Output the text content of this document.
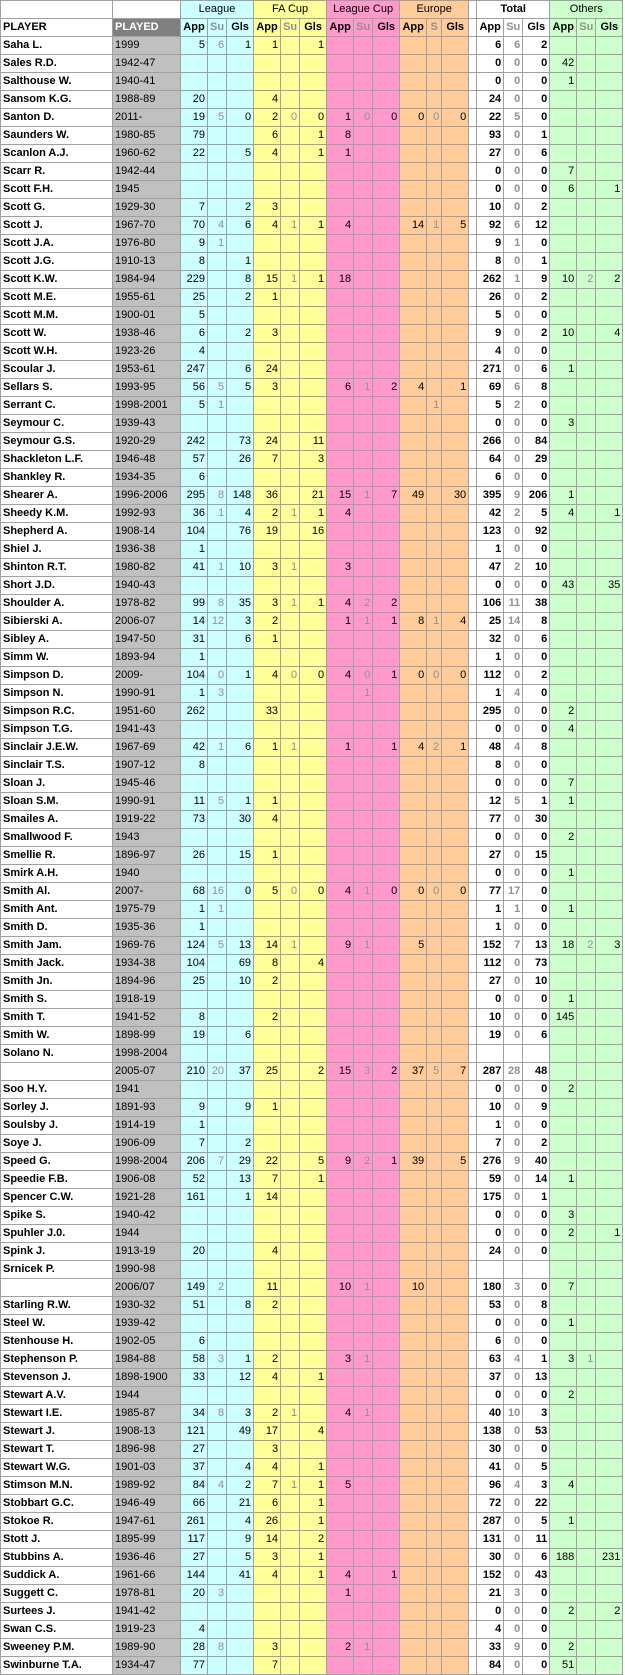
		League			FA Cup			League Cup			Europe				Total			Others		
PLAYER	PLAYED	App	Su	Gls	App	Su	Gls	App	Su	Gls	App	S	Gls		App	Su	Gls	App	Su	Gls
Saha L.	1999	5	6	1	1		1								6	6	2			
Sales R.D.	1942-47														0	0	0	42		
Salthouse W.	1940-41														0	0	0	1		
Sansom K.G.	1988-89	20			4										24	0	0			
Santon D.	2011-	19	5	0	2	0	0	1	0	0	0	0	0		22	5	0			
Saunders W.	1980-85	79			6		1	8							93	0	1			
Scanlon A.J.	1960-62	22		5	4		1	1							27	0	6			
Scarr R.	1942-44														0	0	0	7		
Scott F.H.	1945														0	0	0	6		1
Scott G.	1929-30	7		2	3										10	0	2			
Scott J.	1967-70	70	4	6	4	1	1	4			14	1	5		92	6	12			
Scott J.A.	1976-80	9	1												9	1	0			
Scott J.G.	1910-13	8		1											8	0	1			
Scott K.W.	1984-94	229		8	15	1	1	18							262	1	9	10	2	2
Scott M.E.	1955-61	25		2	1										26	0	2			
Scott M.M.	1900-01	5													5	0	0			
Scott W.	1938-46	6		2	3										9	0	2	10		4
Scott W.H.	1923-26	4													4	0	0			
Scoular J.	1953-61	247		6	24										271	0	6	1		
Sellars S.	1993-95	56	5	5	3			6	1	2	4		1		69	6	8			
Serrant C.	1998-2001	5	1									1			5	2	0			
Seymour C.	1939-43														0	0	0	3		
Seymour G.S.	1920-29	242		73	24		11								266	0	84			
Shackleton L.F.	1946-48	57		26	7		3								64	0	29			
Shankley R.	1934-35	6													6	0	0			
Shearer A.	1996-2006	295	8	148	36		21	15	1	7	49		30		395	9	206	1		
Sheedy K.M.	1992-93	36	1	4	2	1	1	4							42	2	5	4		1
Shepherd A.	1908-14	104		76	19		16								123	0	92			
Shiel J.	1936-38	1													1	0	0			
Shinton R.T.	1980-82	41	1	10	3	1		3							47	2	10			
Short J.D.	1940-43														0	0	0	43		35
Shoulder A.	1978-82	99	8	35	3	1	1	4	2	2					106	11	38			
Sibierski A.	2006-07	14	12	3	2			1	1	1	8	1	4		25	14	8			
Sibley A.	1947-50	31		6	1										32	0	6			
Simm W.	1893-94	1													1	0	0			
Simpson D.	2009-	104	0	1	4	0	0	4	0	1	0	0	0		112	0	2			
Simpson N.	1990-91	1	3						1						1	4	0			
Simpson R.C.	1951-60	262			33										295	0	0	2		
Simpson T.G.	1941-43														0	0	0	4		
Sinclair J.E.W.	1967-69	42	1	6	1	1		1		1	4	2	1		48	4	8			
Sinclair T.S.	1907-12	8													8	0	0			
Sloan J.	1945-46														0	0	0	7		
Sloan S.M.	1990-91	11	5	1	1										12	5	1	1		
Smailes A.	1919-22	73		30	4										77	0	30			
Smallwood F.	1943														0	0	0	2		
Smellie R.	1896-97	26		15	1										27	0	15			
Smirk A.H.	1940														0	0	0	1		
Smith Al.	2007-	68	16	0	5	0	0	4	1	0	0	0	0		77	17	0			
Smith Ant.	1975-79	1	1												1	1	0	1		
Smith D.	1935-36	1													1	0	0			
Smith Jam.	1969-76	124	5	13	14	1		9	1		5				152	7	13	18	2	3
Smith Jack.	1934-38	104		69	8		4								112	0	73			
Smith Jn.	1894-96	25		10	2										27	0	10			
Smith S.	1918-19														0	0	0	1		
Smith T.	1941-52	8			2										10	0	0	145		
Smith W.	1898-99	19		6											19	0	6			
Solano N.	1998-2004																			
	2005-07	210	20	37	25		2	15	3	2	37	5	7		287	28	48			
Soo H.Y.	1941														0	0	0	2		
Sorley J.	1891-93	9		9	1										10	0	9			
Soulsby J.	1914-19	1													1	0	0			
Soye J.	1906-09	7		2											7	0	2			
Speed G.	1998-2004	206	7	29	22		5	9	2	1	39		5		276	9	40			
Speedie F.B.	1906-08	52		13	7		1								59	0	14	1		
Spencer C.W.	1921-28	161		1	14										175	0	1			
Spike S.	1940-42														0	0	0	3		
Spuhler J.0.	1944														0	0	0	2		1
Spink J.	1913-19	20			4										24	0	0			
Srnicek P.	1990-98																			
	2006/07	149	2		11			10	1		10				180	3	0	7		
Starling R.W.	1930-32	51		8	2										53	0	8			
Steel W.	1939-42														0	0	0	1		
Stenhouse H.	1902-05	6													6	0	0			
Stephenson P.	1984-88	58	3	1	2			3	1						63	4	1	3	1	
Stevenson J.	1898-1900	33		12	4		1								37	0	13			
Stewart A.V.	1944														0	0	0	2		
Stewart I.E.	1985-87	34	8	3	2	1		4	1						40	10	3			
Stewart J.	1908-13	121		49	17		4								138	0	53			
Stewart T.	1896-98	27			3										30	0	0			
Stewart W.G.	1901-03	37		4	4		1								41	0	5			
Stimson M.N.	1989-92	84	4	2	7	1	1	5							96	4	3	4		
Stobbart G.C.	1946-49	66		21	6		1								72	0	22			
Stokoe R.	1947-61	261		4	26		1								287	0	5	1		
Stott J.	1895-99	117		9	14		2								131	0	11			
Stubbins A.	1936-46	27		5	3		1								30	0	6	188		231
Suddick A.	1961-66	144		41	4		1	4		1					152	0	43			
Suggett C.	1978-81	20	3					1							21	3	0			
Surtees J.	1941-42														0	0	0	2		2
Swan C.S.	1919-23	4													4	0	0			
Sweeney P.M.	1989-90	28	8		3			2	1						33	9	0	2		
Swinburne T.A.	1934-47	77			7										84	0	0	51		
